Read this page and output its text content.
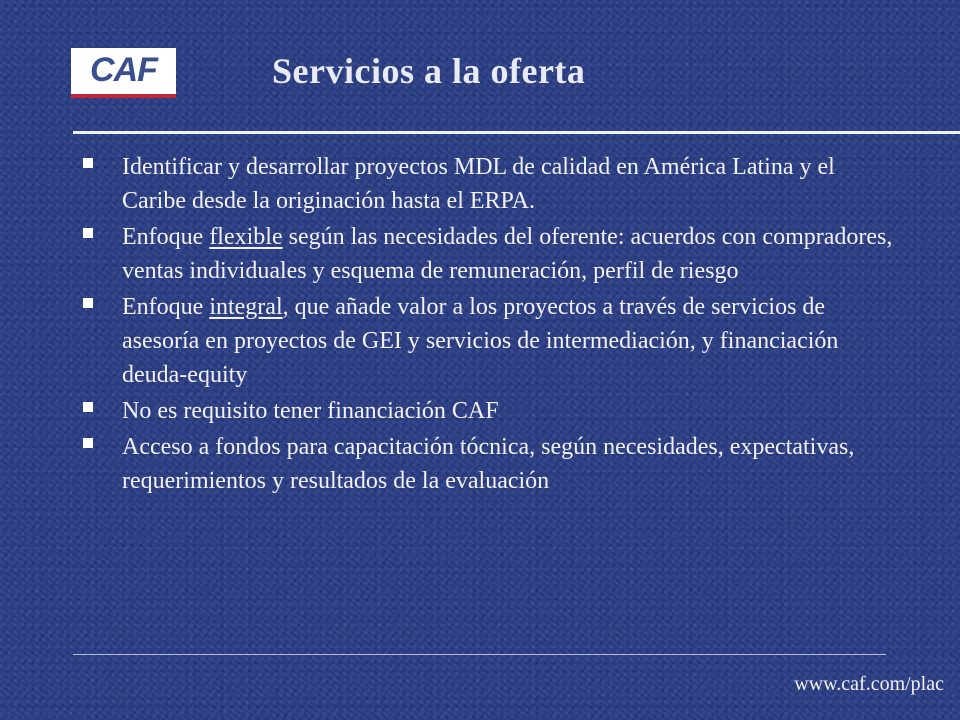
CAF	Servicios a la oferta
Identificar y desarrollar proyectos MDL de calidad en América Latina y el Caribe desde la originación hasta el ERPA.
Enfoque flexible según las necesidades del oferente: acuerdos con compradores, ventas individuales y esquema de remuneración, perfil de riesgo
Enfoque integral, que añade valor a los proyectos a través de servicios de asesoría en proyectos de GEI y servicios de intermediación, y financiación deuda-equity
No es requisito tener financiación CAF
Acceso a fondos para capacitación tócnica, según necesidades, expectativas, requerimientos y resultados de la evaluación
www.caf.com/plac
